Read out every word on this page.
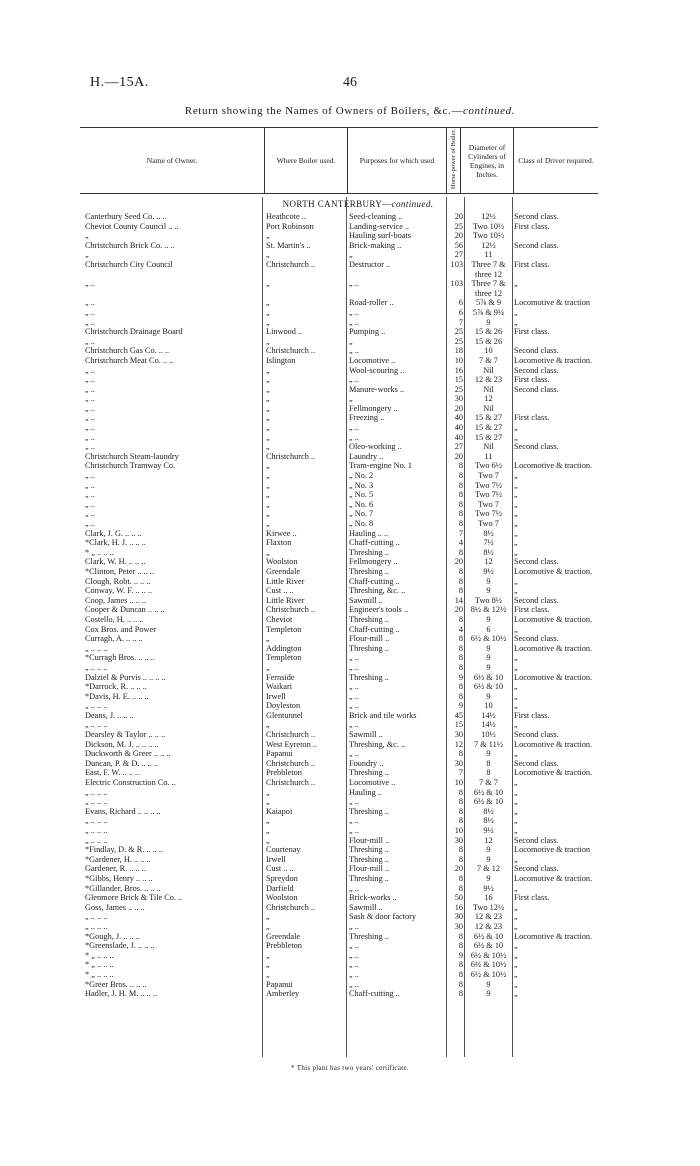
H.—15A.	46
Return showing the Names of Owners of Boilers, &c.—continued.
Name of Owner.	Where Boiler used.	Purposes for which used	Horse-power of Boiler.	Diameter of Cylinders of Engines, in Inches.	Class of Driver required.
NORTH CANTERBURY—continued.
Canterbury Seed Co. .. ..	Heathcote ..	Seed-cleaning ..	20	12½	Second class.
Cheviot County Council .. ..	Port Robinson	Landing-service ..	25	Two 10½	First class.
„	„	Hauling surf-boats	20	Two 10½
Christchurch Brick Co. .. ..	St. Martin's ..	Brick-making ..	56	12½	Second class.
„	„	„	27	11
Christchurch City Council	Christchurch ..	Destructor ..	103	Three 7 &	First class.
three 12
„ ..	„	„ ..	103	Three 7 &	„
three 12
„ ..	„	Road-roller ..	6	5⅞ & 9	Locomotive & traction
„ ..	„	„ ..	6	5⅞ & 9¼	„
„ ..	„	„ ..	7	9	„
Christchurch Drainage Board	Linwood ..	Pumping ..	25	15 & 26	First class.
„ ..	„	„	25	15 & 26
Christchurch Gas Co. .. ..	Christchurch ..	„ ..	18	10	Second class.
Christchurch Meat Co. .. ..	Islington	Locomotive ..	10	7 & 7	Locomotive & traction.
„ ..	„	Wool-scouring ..	16	Nil	Second class.
„ ..	„	„ ..	15	12 & 23	First class.
„ ..	„	Manure-works ..	25	Nil	Second class.
„ ..	„	„	30	12
„ ..	„	Fellmongery ..	20	Nil
„ ..	„	Freezing ..	40	15 & 27	First class.
„ ..	„	„ ..	40	15 & 27	„
„ ..	„	„ ..	40	15 & 27	„
„ ..	„	Oleo-working ..	27	Nil	Second class.
Christchurch Steam-laundry	Christchurch ..	Laundry ..	20	11
Christchurch Tramway Co.	„	Tram-engine No. 1	8	Two 6½	Locomotive & traction.
„ ..	„	„ No. 2	8	Two 7	„
„ ..	„	„ No. 3	8	Two 7½	„
„ ..	„	„ No. 5	8	Two 7½	„
„ ..	„	„ No. 6	8	Two 7	„
„ ..	„	„ No. 7	8	Two 7½	„
„ ..	„	„ No. 8	8	Two 7	„
Clark, J. G. .. .. ..	Kirwee ..	Hauling .. ..	7	8½	„
*Clark, H. J. .. .. ..	Flaxton	Chaff-cutting ..	4	7½	„
* „ .. .. ..	„	Threshing ..	8	8½	„
Clark, W. H. .. .. ..	Woolston	Fellmongery ..	20	12	Second class.
*Clinton, Peter .. .. ..	Greendale	Threshing ..	8	9½	Locomotive & traction.
Clough, Robt. .. .. ..	Little River	Chaff-cutting ..	8	9	„
Conway, W. F. .. .. ..	Cust .. ..	Threshing, &c. ..	8	9	„
Coop, James .. .. ..	Little River	Sawmill ..	14	Two 8½	Second class.
Cooper & Duncan .. .. ..	Christchurch ..	Engineer's tools ..	20 8½ & 12½ First class.
Costello, H. .. .. ..	Cheviot	Threshing ..	8	9	Locomotive & traction.
Cox Bros. and Power	Templeton	Chaff-cutting ..	4	6	„
Curragh, A. .. .. ..	„	Flour-mill ..	8 6½ & 10½ Second class.
„ .. .. ..	Addington	Threshing ..	8	9	Locomotive & traction.
*Curragh Bros. .. .. ..	Templeton	„ ..	8	9	„
„ .. .. ..	„	„ ..	8	9	„
Dalziel & Purvis .. .. .. ..	Fernside	Threshing ..	9	6½ & 10	Locomotive & traction.
*Darrock, R. .. .. ..	Waikari	„ ..	8	6½ & 10	„
*Davis, H. E. .. .. ..	Irwell	„ ..	8	9	„
„ .. .. ..	Doyleston	„ ..	9	10	„
Deans, J. .. .. ..	Glentunnel	Brick and tile works	45	14½	First class.
„ .. .. ..	„	„ ..	15	14½	„
Dearsley & Taylor .. .. ..	Christchurch ..	Sawmill ..	30	10½	Second class.
Dickson, M. J. .. .. .. ..	West Eyreton ..	Threshing, &c. ..	12	7 & 11½	Locomotive & traction.
Duckworth & Greer .. .. ..	Papanui	„ ..	8	9	„
Duncan, P. & D. .. .. ..	Christchurch ..	Foundry ..	30	8	Second class.
East, F. W. .. .. ..	Prebbleton	Threshing ..	7	8	Locomotive & traction.
Electric Construction Co. ..	Christchurch ..	Locomotive ..	10	7 & 7	„
„ .. .. ..	„	Hauling ..	8	6½ & 10	„
„ .. .. ..	„	„ ..	8	6½ & 10	„
Evans, Richard .. .. .. ..	Kaiapoi	Threshing ..	8	8½	„
„ .. .. ..	„	„ ..	8	8½	„
„ .. .. ..	„	„ ..	10	9½	„
„ .. .. ..	„	Flour-mill ..	30	12	Second class.
*Findlay, D. & R. .. .. ..	Courtenay	Threshing ..	8	9	Locomotive & traction
*Gardener, H. .. .. ..	Irwell	Threshing ..	8	9	„
Gardener, R. .. .. ..	Cust .. ..	Flour-mill ..	20	7 & 12	Second class.
*Gibbs, Henry .. .. ..	Spreydon	Threshing ..	8	9	Locomotive & traction.
*Gillander, Bros. .. .. ..	Darfield	„ ..	8	9½	„
Glenmore Brick & Tile Co. ..	Woolston	Brick-works ..	50	16	First class.
Goss, James .. .. ..	Christchurch ..	Sawmill ..	16	Two 12½	„
„ .. .. ..	„	Sash & door factory	30	12 & 23	„
„ .. .. ..	„	„ ..	30	12 & 23	„
*Gough, J. .. .. ..	Greendale	Threshing ..	8	6½ & 10	Locomotive & traction.
*Greenslade, J. .. .. ..	Prebbleton	„ ..	8	6½ & 10	„
* „ .. .. ..	„	„ ..	9 6½ & 10½ „
* „ .. .. ..	„	„ ..	8 6½ & 10½ „
* „ .. .. ..	„	„ ..	8 6½ & 10½ „
*Greer Bros. .. .. ..	Papanui	„ ..	8	9	„
Hadler, J. H. M. .. .. ..	Amberley	Chaff-cutting ..	8	9	„
* This plant has two years' certificate.
